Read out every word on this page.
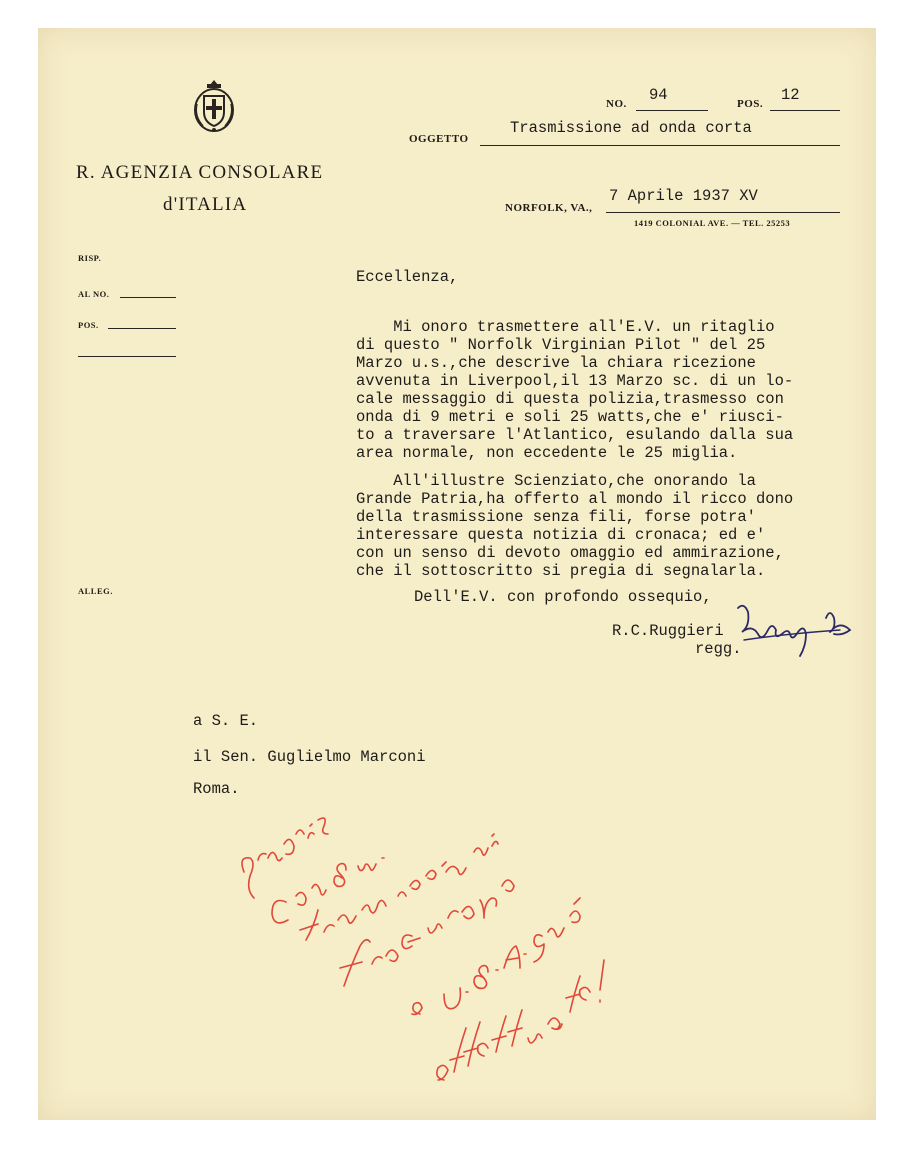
R. AGENZIA CONSOLARE
d'ITALIA
NO. 94	POS. 12
OGGETTO
Trasmissione ad onda corta
NORFOLK, VA.,
7 Aprile 1937 XV
1419 COLONIAL AVE. — TEL. 25253
RISP.
AL NO.
POS.
ALLEG.
Eccellenza,
Mi onoro trasmettere all'E.V. un ritaglio
di questo " Norfolk Virginian Pilot " del 25
Marzo u.s.,che descrive la chiara ricezione
avvenuta in Liverpool,il 13 Marzo sc. di un lo-
cale messaggio di questa polizia,trasmesso con
onda di 9 metri e soli 25 watts,che e' riusci-
to a traversare l'Atlantico, esulando dalla sua
area normale, non eccedente le 25 miglia.
All'illustre Scienziato,che onorando la
Grande Patria,ha offerto al mondo il ricco dono
della trasmissione senza fili, forse potra'
interessare questa notizia di cronaca; ed e'
con un senso di devoto omaggio ed ammirazione,
che il sottoscritto si pregia di segnalarla.
Dell'E.V. con profondo ossequio,
R.C.Ruggieri
regg.
a S. E.
il Sen. Guglielmo Marconi
Roma.
